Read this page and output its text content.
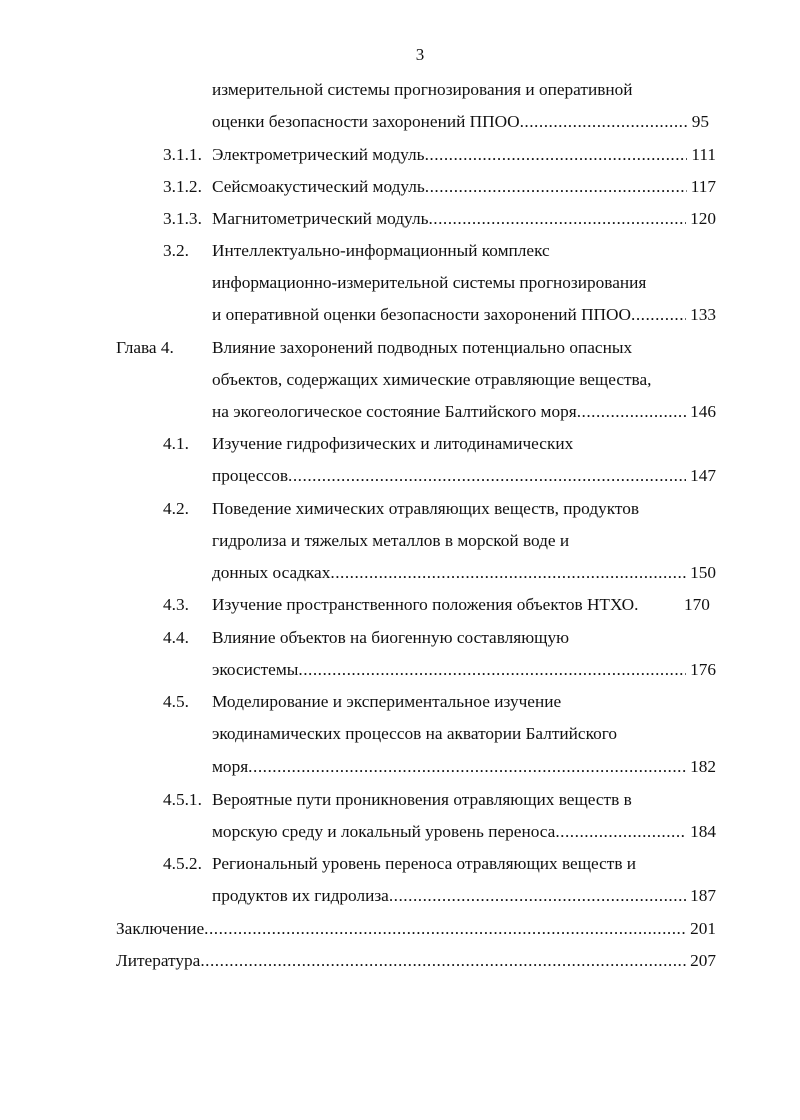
3
измерительной системы прогнозирования и оперативной
оценки безопасности захоронений ППОО .....	95
3.1.1. Электрометрический модуль .....	111
3.1.2. Сейсмоакустический модуль .....	117
3.1.3. Магнитометрический модуль .....	120
3.2. Интеллектуально-информационный комплекс
информационно-измерительной системы прогнозирования
и оперативной оценки безопасности захоронений ППОО .....	133
Глава 4. Влияние захоронений подводных потенциально опасных
объектов, содержащих химические отравляющие вещества,
на экогеологическое состояние Балтийского моря .....	146
4.1. Изучение гидрофизических и литодинамических
процессов .....	147
4.2. Поведение химических отравляющих веществ, продуктов
гидролиза и тяжелых металлов в морской воде и
донных осадках .....	150
4.3. Изучение пространственного положения объектов НТХО.	170
4.4. Влияние объектов на биогенную составляющую
экосистемы .....	176
4.5. Моделирование и экспериментальное изучение
экодинамических процессов на акватории Балтийского
моря .....	182
4.5.1. Вероятные пути проникновения отравляющих веществ в
морскую среду и локальный уровень переноса .....	184
4.5.2. Региональный уровень переноса отравляющих веществ и
продуктов их гидролиза .....	187
Заключение .....	201
Литература .....	207
